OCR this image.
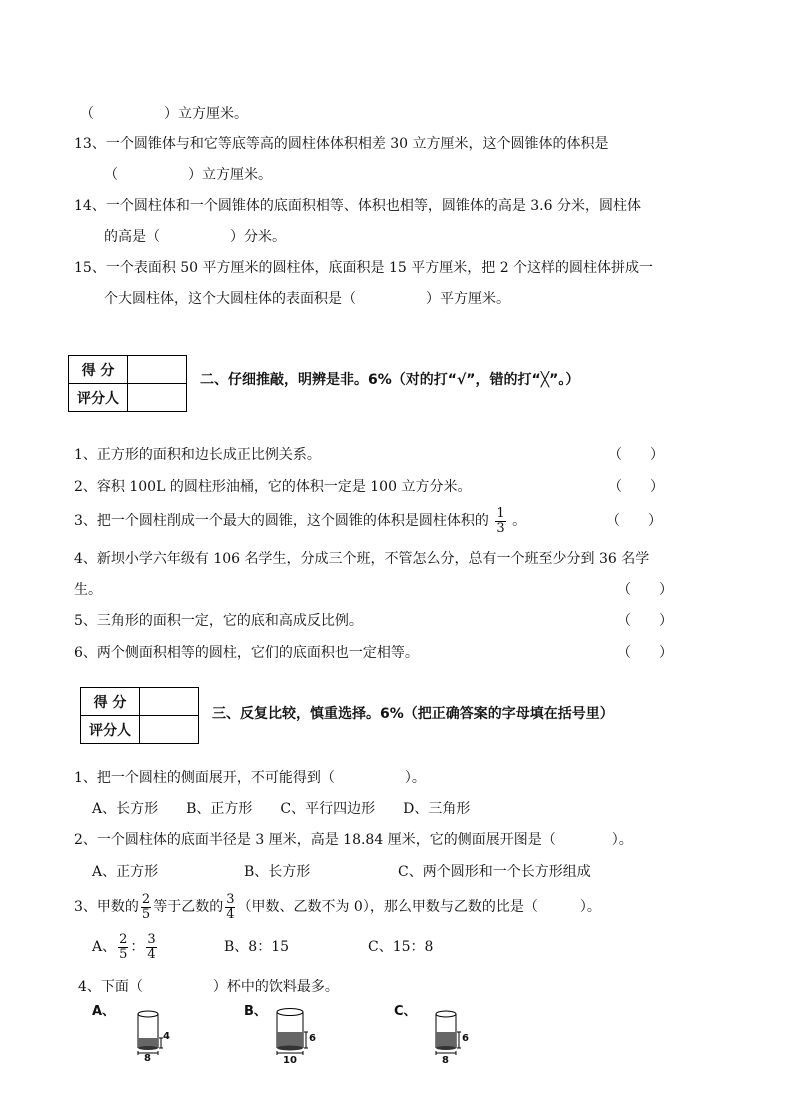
（　　　　　）立方厘米。
13、一个圆锥体与和它等底等高的圆柱体体积相差 30 立方厘米，这个圆锥体的体积是
（　　　　　）立方厘米。
14、一个圆柱体和一个圆锥体的底面积相等、体积也相等，圆锥体的高是 3.6 分米，圆柱体
的高是（　　　　　）分米。
15、一个表面积 50 平方厘米的圆柱体，底面积是 15 平方厘米，把 2 个这样的圆柱体拼成一
个大圆柱体，这个大圆柱体的表面积是（　　　　　）平方厘米。
得 分	
评分人	
二、仔细推敲，明辨是非。6%（对的打“√”，错的打“╳”。）
1、正方形的面积和边长成正比例关系。	（　　）
2、容积 100L 的圆柱形油桶，它的体积一定是 100 立方分米。	（　　）
3、把一个圆柱削成一个最大的圆锥，这个圆锥的体积是圆柱体积的 $\frac{1}{3}$ 。	（　　）
4、新坝小学六年级有 106 名学生，分成三个班，不管怎么分，总有一个班至少分到 36 名学
生。	（　　）
5、三角形的面积一定，它的底和高成反比例。	（　　）
6、两个侧面积相等的圆柱，它们的底面积也一定相等。	（　　）
得 分	
评分人	
三、反复比较，慎重选择。6%（把正确答案的字母填在括号里）
1、把一个圆柱的侧面展开，不可能得到（　　　　　）。
A、长方形　　B、正方形　　C、平行四边形　　D、三角形
2、一个圆柱体的底面半径是 3 厘米，高是 18.84 厘米，它的侧面展开图是（　　　　）。
A、正方形	B、长方形	C、两个圆形和一个长方形组成
3、甲数的 $\frac{2}{5}$ 等于乙数的 $\frac{3}{4}$ （甲数、乙数不为 0），那么甲数与乙数的比是（　　　）。
A、 $\frac{2}{5}$ ： $\frac{3}{4}$	B、8：15	C、15：8
4、下面（　　　　　）杯中的饮料最多。
A、
4
8
B、
6
10
C、
6
8
